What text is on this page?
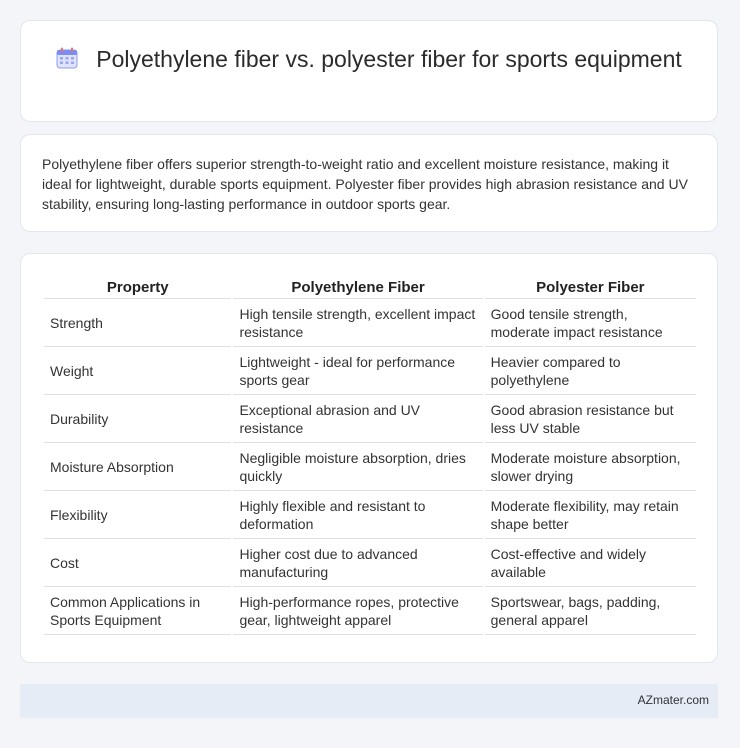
Polyethylene fiber vs. polyester fiber for sports equipment
Polyethylene fiber offers superior strength-to-weight ratio and excellent moisture resistance, making it ideal for lightweight, durable sports equipment. Polyester fiber provides high abrasion resistance and UV stability, ensuring long-lasting performance in outdoor sports gear.
Property	Polyethylene Fiber	Polyester Fiber
Strength	High tensile strength, excellent impact resistance	Good tensile strength, moderate impact resistance
Weight	Lightweight - ideal for performance sports gear	Heavier compared to polyethylene
Durability	Exceptional abrasion and UV resistance	Good abrasion resistance but less UV stable
Moisture Absorption	Negligible moisture absorption, dries quickly	Moderate moisture absorption, slower drying
Flexibility	Highly flexible and resistant to deformation	Moderate flexibility, may retain shape better
Cost	Higher cost due to advanced manufacturing	Cost-effective and widely available
Common Applications in Sports Equipment	High-performance ropes, protective gear, lightweight apparel	Sportswear, bags, padding, general apparel
AZmater.com
